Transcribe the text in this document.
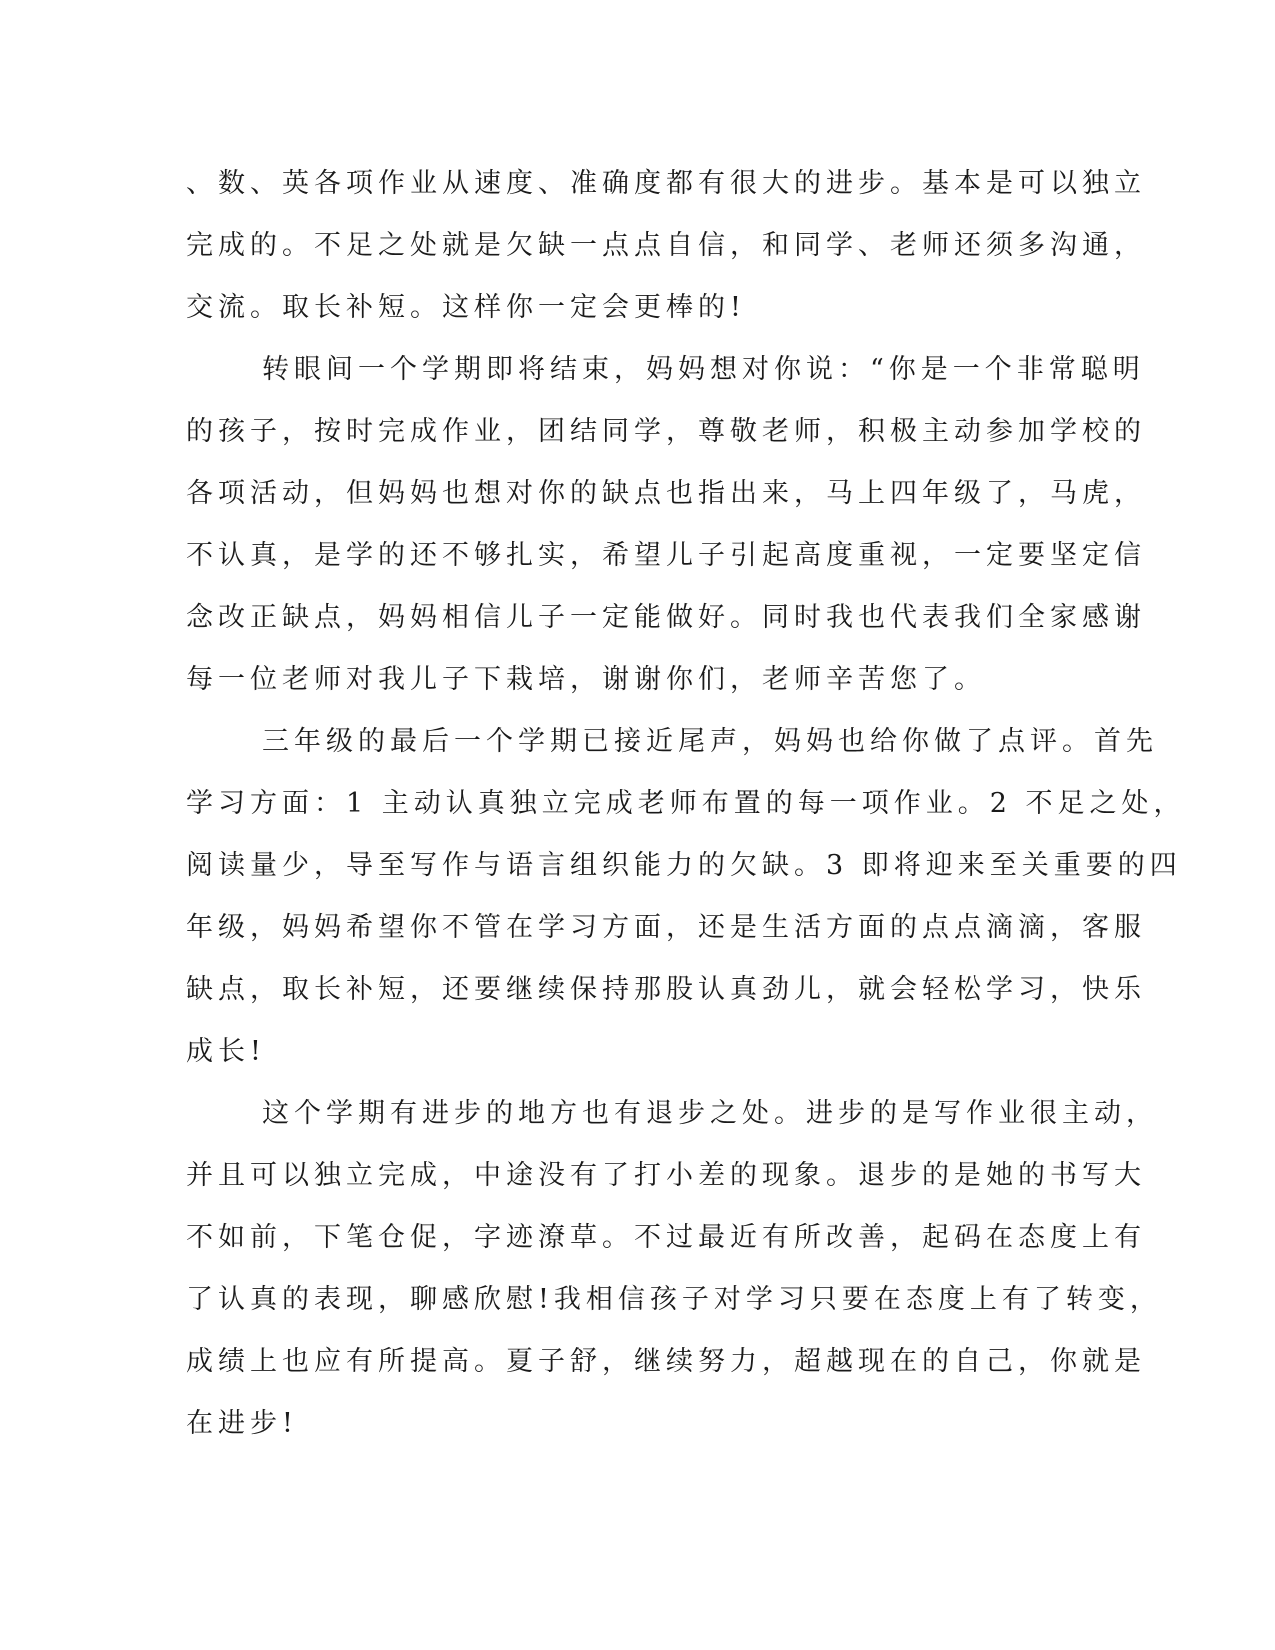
、数、英各项作业从速度、准确度都有很大的进步。基本是可以独立
完成的。不足之处就是欠缺一点点自信，和同学、老师还须多沟通，
交流。取长补短。这样你一定会更棒的!
转眼间一个学期即将结束，妈妈想对你说：“你是一个非常聪明
的孩子，按时完成作业，团结同学，尊敬老师，积极主动参加学校的
各项活动，但妈妈也想对你的缺点也指出来，马上四年级了，马虎，
不认真，是学的还不够扎实，希望儿子引起高度重视，一定要坚定信
念改正缺点，妈妈相信儿子一定能做好。同时我也代表我们全家感谢
每一位老师对我儿子下栽培，谢谢你们，老师辛苦您了。
三年级的最后一个学期已接近尾声，妈妈也给你做了点评。首先
学习方面：1 主动认真独立完成老师布置的每一项作业。2 不足之处，
阅读量少，导至写作与语言组织能力的欠缺。3 即将迎来至关重要的四
年级，妈妈希望你不管在学习方面，还是生活方面的点点滴滴，客服
缺点，取长补短，还要继续保持那股认真劲儿，就会轻松学习，快乐
成长!
这个学期有进步的地方也有退步之处。进步的是写作业很主动，
并且可以独立完成，中途没有了打小差的现象。退步的是她的书写大
不如前，下笔仓促，字迹潦草。不过最近有所改善，起码在态度上有
了认真的表现，聊感欣慰!我相信孩子对学习只要在态度上有了转变，
成绩上也应有所提高。夏子舒，继续努力，超越现在的自己，你就是
在进步!
